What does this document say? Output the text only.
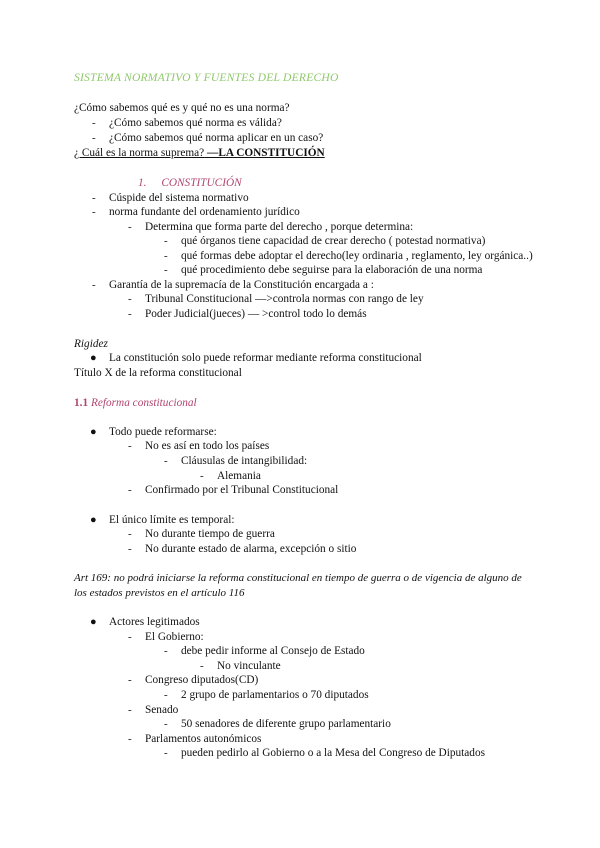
SISTEMA NORMATIVO Y FUENTES DEL DERECHO
¿Cómo sabemos qué es y qué no es una norma?
- ¿Cómo sabemos qué norma es válida?
- ¿Cómo sabemos qué norma aplicar en un caso?
¿ Cuál es la norma suprema? —LA CONSTITUCIÓN
1. CONSTITUCIÓN
- Cúspide del sistema normativo
- norma fundante del ordenamiento jurídico
- Determina que forma parte del derecho , porque determina:
- qué órganos tiene capacidad de crear derecho ( potestad normativa)
- qué formas debe adoptar el derecho(ley ordinaria , reglamento, ley orgánica..)
- qué procedimiento debe seguirse para la elaboración de una norma
- Garantía de la supremacía de la Constitución encargada a :
- Tribunal Constitucional —>controla normas con rango de ley
- Poder Judicial(jueces) — >control todo lo demás
Rigidez
● La constitución solo puede reformar mediante reforma constitucional
Título X de la reforma constitucional
1.1 Reforma constitucional
● Todo puede reformarse:
- No es así en todo los países
- Cláusulas de intangibilidad:
- Alemania
- Confirmado por el Tribunal Constitucional
● El único límite es temporal:
- No durante tiempo de guerra
- No durante estado de alarma, excepción o sitio
Art 169: no podrá iniciarse la reforma constitucional en tiempo de guerra o de vigencia de alguno de
los estados previstos en el artículo 116
● Actores legitimados
- El Gobierno:
- debe pedir informe al Consejo de Estado
- No vinculante
- Congreso diputados(CD)
- 2 grupo de parlamentarios o 70 diputados
- Senado
- 50 senadores de diferente grupo parlamentario
- Parlamentos autonómicos
- pueden pedirlo al Gobierno o a la Mesa del Congreso de Diputados
